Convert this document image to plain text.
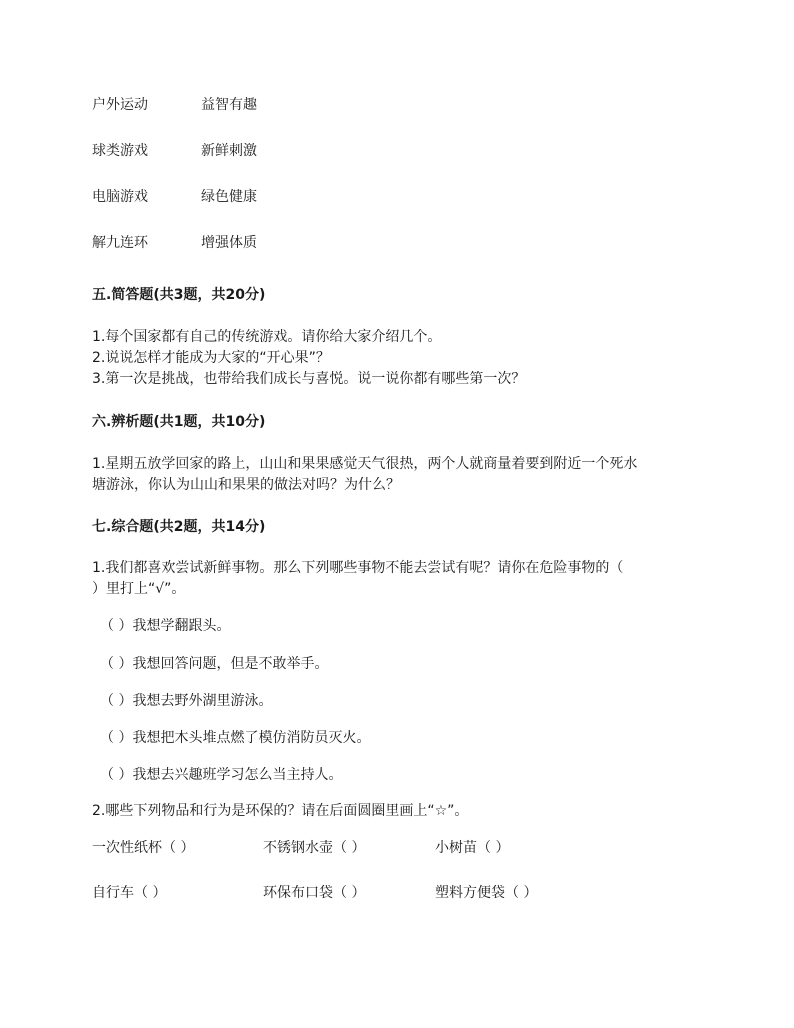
户外运动	益智有趣
球类游戏	新鲜刺激
电脑游戏	绿色健康
解九连环	增强体质
五.简答题(共3题，共20分)
1.每个国家都有自己的传统游戏。请你给大家介绍几个。
2.说说怎样才能成为大家的“开心果”？
3.第一次是挑战，也带给我们成长与喜悦。说一说你都有哪些第一次？
六.辨析题(共1题，共10分)
1.星期五放学回家的路上，山山和果果感觉天气很热，两个人就商量着要到附近一个死水
塘游泳，你认为山山和果果的做法对吗？为什么？
七.综合题(共2题，共14分)
1.我们都喜欢尝试新鲜事物。那么下列哪些事物不能去尝试有呢？请你在危险事物的（
）里打上“√”。
（ ）我想学翻跟头。
（ ）我想回答问题，但是不敢举手。
（ ）我想去野外湖里游泳。
（ ）我想把木头堆点燃了模仿消防员灭火。
（ ）我想去兴趣班学习怎么当主持人。
2.哪些下列物品和行为是环保的？请在后面圆圈里画上“☆”。
一次性纸杯（ ）	不锈钢水壶（ ）	小树苗（ ）
自行车（ ）	环保布口袋（ ）	塑料方便袋（ ）
